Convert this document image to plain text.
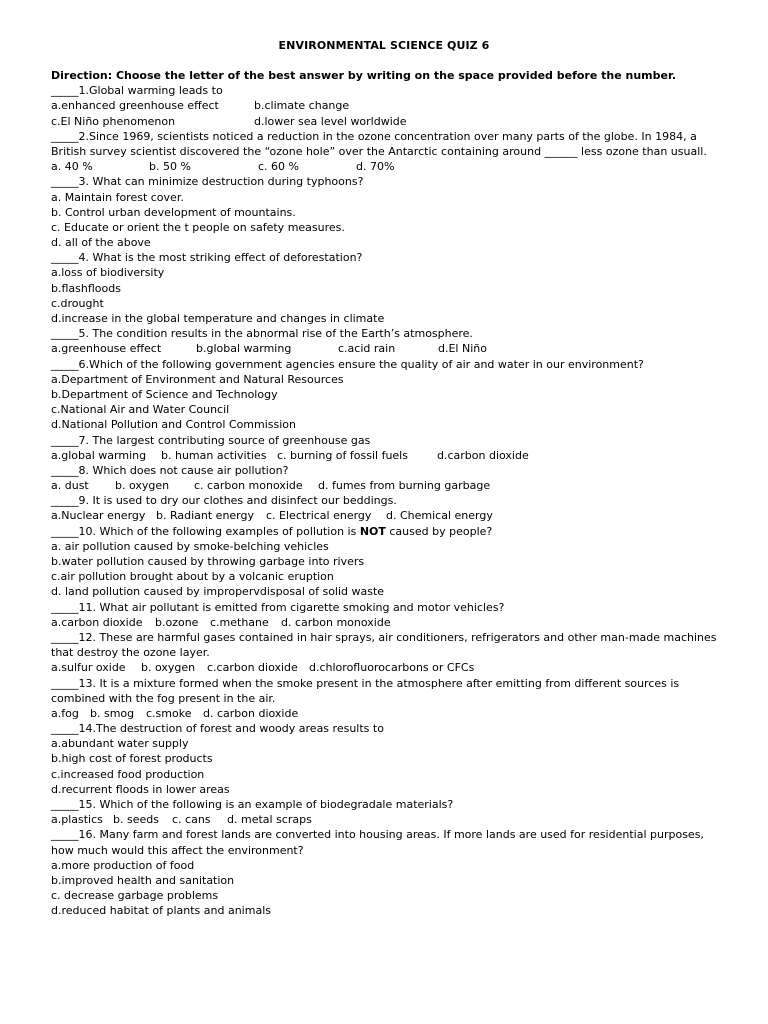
ENVIRONMENTAL SCIENCE QUIZ 6
Direction: Choose the letter of the best answer by writing on the space provided before the number.
_____1.Global warming leads to
a.enhanced greenhouse effect	b.climate change
c.El Niño phenomenon	d.lower sea level worldwide
_____2.Since 1969, scientists noticed a reduction in the ozone concentration over many parts of the globe. In 1984, a
British survey scientist discovered the “ozone hole” over the Antarctic containing around ______ less ozone than usuall.
a. 40 %	b. 50 %	c. 60 %	d. 70%
_____3. What can minimize destruction during typhoons?
a. Maintain forest cover.
b. Control urban development of mountains.
c. Educate or orient the t people on safety measures.
d. all of the above
_____4. What is the most striking effect of deforestation?
a.loss of biodiversity
b.flashfloods
c.drought
d.increase in the global temperature and changes in climate
_____5. The condition results in the abnormal rise of the Earth’s atmosphere.
a.greenhouse effect	b.global warming	c.acid rain	d.El Niño
_____6.Which of the following government agencies ensure the quality of air and water in our environment?
a.Department of Environment and Natural Resources
b.Department of Science and Technology
c.National Air and Water Council
d.National Pollution and Control Commission
_____7. The largest contributing source of greenhouse gas
a.global warming b. human activities c. burning of fossil fuels	d.carbon dioxide
_____8. Which does not cause air pollution?
a. dust b. oxygen c. carbon monoxide d. fumes from burning garbage
_____9. It is used to dry our clothes and disinfect our beddings.
a.Nuclear energy b. Radiant energy c. Electrical energy d. Chemical energy
_____10. Which of the following examples of pollution is NOT caused by people?
a. air pollution caused by smoke-belching vehicles
b.water pollution caused by throwing garbage into rivers
c.air pollution brought about by a volcanic eruption
d. land pollution caused by impropervdisposal of solid waste
_____11. What air pollutant is emitted from cigarette smoking and motor vehicles?
a.carbon dioxide b.ozone c.methane d. carbon monoxide
_____12. These are harmful gases contained in hair sprays, air conditioners, refrigerators and other man-made machines
that destroy the ozone layer.
a.sulfur oxide b. oxygen c.carbon dioxide d.chlorofluorocarbons or CFCs
_____13. It is a mixture formed when the smoke present in the atmosphere after emitting from different sources is
combined with the fog present in the air.
a.fog b. smog c.smoke d. carbon dioxide
_____14.The destruction of forest and woody areas results to
a.abundant water supply
b.high cost of forest products
c.increased food production
d.recurrent floods in lower areas
_____15. Which of the following is an example of biodegradale materials?
a.plastics b. seeds c. cans d. metal scraps
_____16. Many farm and forest lands are converted into housing areas. If more lands are used for residential purposes,
how much would this affect the environment?
a.more production of food
b.improved health and sanitation
c. decrease garbage problems
d.reduced habitat of plants and animals
